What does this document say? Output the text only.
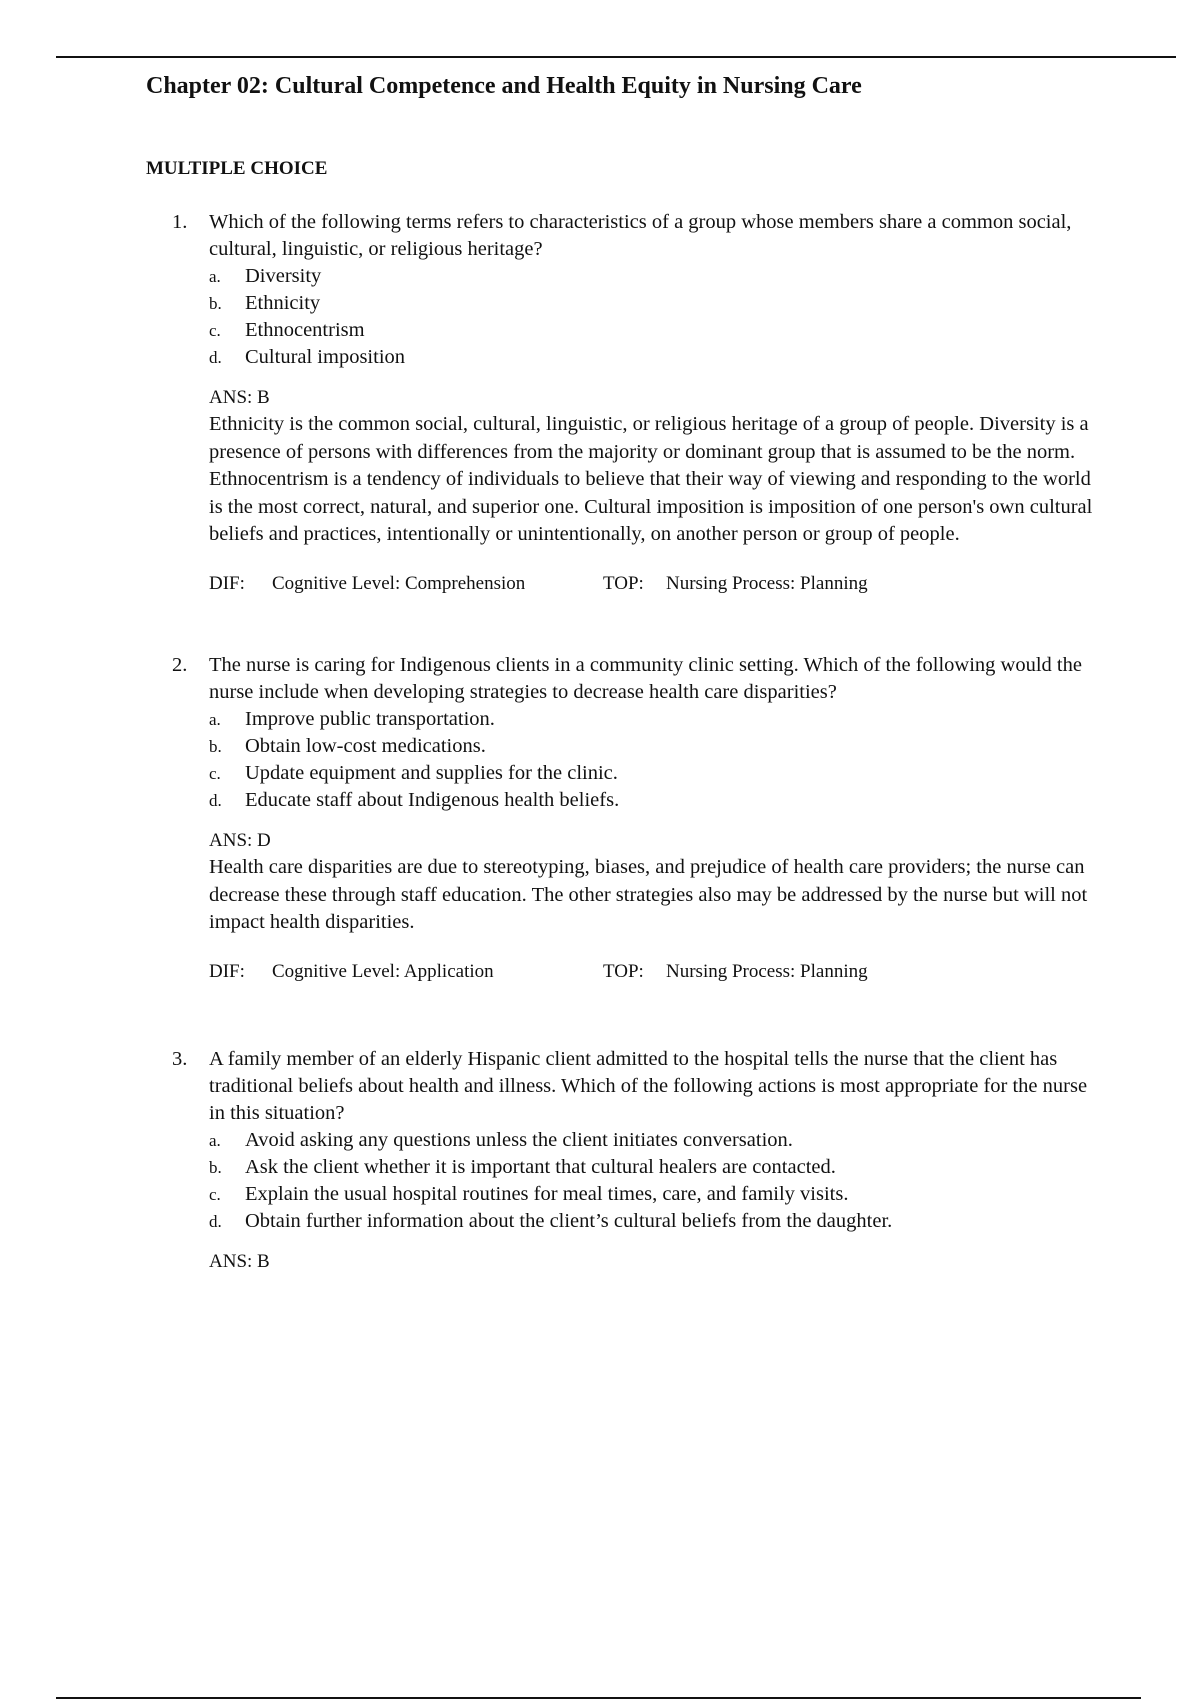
Chapter 02: Cultural Competence and Health Equity in Nursing Care
MULTIPLE CHOICE
1. Which of the following terms refers to characteristics of a group whose members share a common social, cultural, linguistic, or religious heritage?

a. Diversity
b. Ethnicity
c. Ethnocentrism
d. Cultural imposition

ANS: B

Ethnicity is the common social, cultural, linguistic, or religious heritage of a group of people. Diversity is a presence of persons with differences from the majority or dominant group that is assumed to be the norm. Ethnocentrism is a tendency of individuals to believe that their way of viewing and responding to the world is the most correct, natural, and superior one. Cultural imposition is imposition of one person's own cultural beliefs and practices, intentionally or unintentionally, on another person or group of people.

DIF: Cognitive Level: Comprehension	TOP: Nursing Process: Planning
2. The nurse is caring for Indigenous clients in a community clinic setting. Which of the following would the nurse include when developing strategies to decrease health care disparities?

a. Improve public transportation.
b. Obtain low-cost medications.
c. Update equipment and supplies for the clinic.
d. Educate staff about Indigenous health beliefs.

ANS: D

Health care disparities are due to stereotyping, biases, and prejudice of health care providers; the nurse can decrease these through staff education. The other strategies also may be addressed by the nurse but will not impact health disparities.

DIF: Cognitive Level: Application	TOP: Nursing Process: Planning
3. A family member of an elderly Hispanic client admitted to the hospital tells the nurse that the client has traditional beliefs about health and illness. Which of the following actions is most appropriate for the nurse in this situation?

a. Avoid asking any questions unless the client initiates conversation.
b. Ask the client whether it is important that cultural healers are contacted.
c. Explain the usual hospital routines for meal times, care, and family visits.
d. Obtain further information about the client’s cultural beliefs from the daughter.

ANS: B
